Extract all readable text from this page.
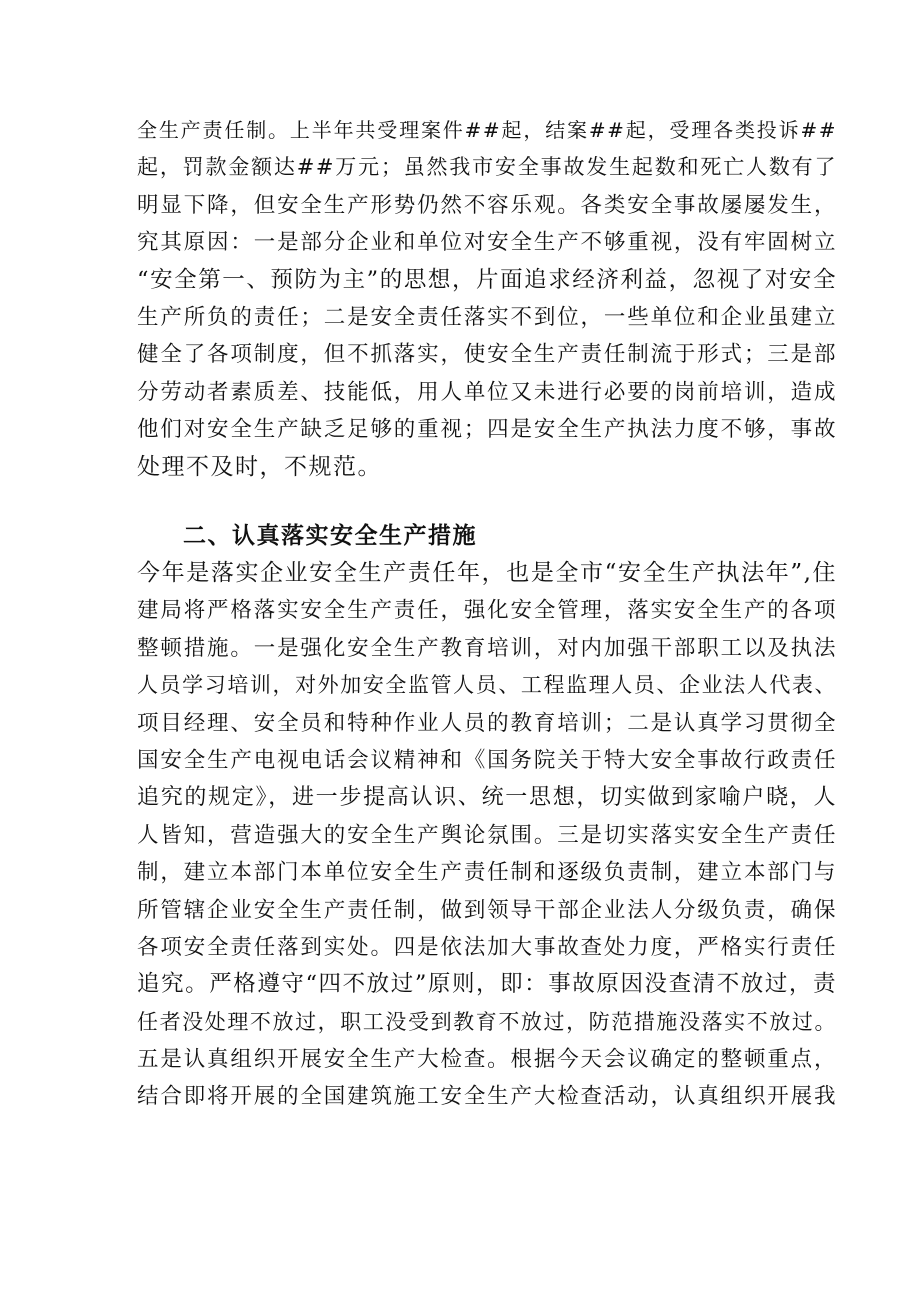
全生产责任制。上半年共受理案件##起，结案##起，受理各类投诉##
起，罚款金额达##万元；虽然我市安全事故发生起数和死亡人数有了
明显下降，但安全生产形势仍然不容乐观。各类安全事故屡屡发生，
究其原因：一是部分企业和单位对安全生产不够重视，没有牢固树立
“安全第一、预防为主”的思想，片面追求经济利益，忽视了对安全
生产所负的责任；二是安全责任落实不到位，一些单位和企业虽建立
健全了各项制度，但不抓落实，使安全生产责任制流于形式；三是部
分劳动者素质差、技能低，用人单位又未进行必要的岗前培训，造成
他们对安全生产缺乏足够的重视；四是安全生产执法力度不够，事故
处理不及时，不规范。
二、认真落实安全生产措施
今年是落实企业安全生产责任年，也是全市“安全生产执法年”,住
建局将严格落实安全生产责任，强化安全管理，落实安全生产的各项
整顿措施。一是强化安全生产教育培训，对内加强干部职工以及执法
人员学习培训，对外加安全监管人员、工程监理人员、企业法人代表、
项目经理、安全员和特种作业人员的教育培训；二是认真学习贯彻全
国安全生产电视电话会议精神和《国务院关于特大安全事故行政责任
追究的规定》，进一步提高认识、统一思想，切实做到家喻户晓，人
人皆知，营造强大的安全生产舆论氛围。三是切实落实安全生产责任
制，建立本部门本单位安全生产责任制和逐级负责制，建立本部门与
所管辖企业安全生产责任制，做到领导干部企业法人分级负责，确保
各项安全责任落到实处。四是依法加大事故查处力度，严格实行责任
追究。严格遵守“四不放过”原则，即：事故原因没查清不放过，责
任者没处理不放过，职工没受到教育不放过，防范措施没落实不放过。
五是认真组织开展安全生产大检查。根据今天会议确定的整顿重点，
结合即将开展的全国建筑施工安全生产大检查活动，认真组织开展我
